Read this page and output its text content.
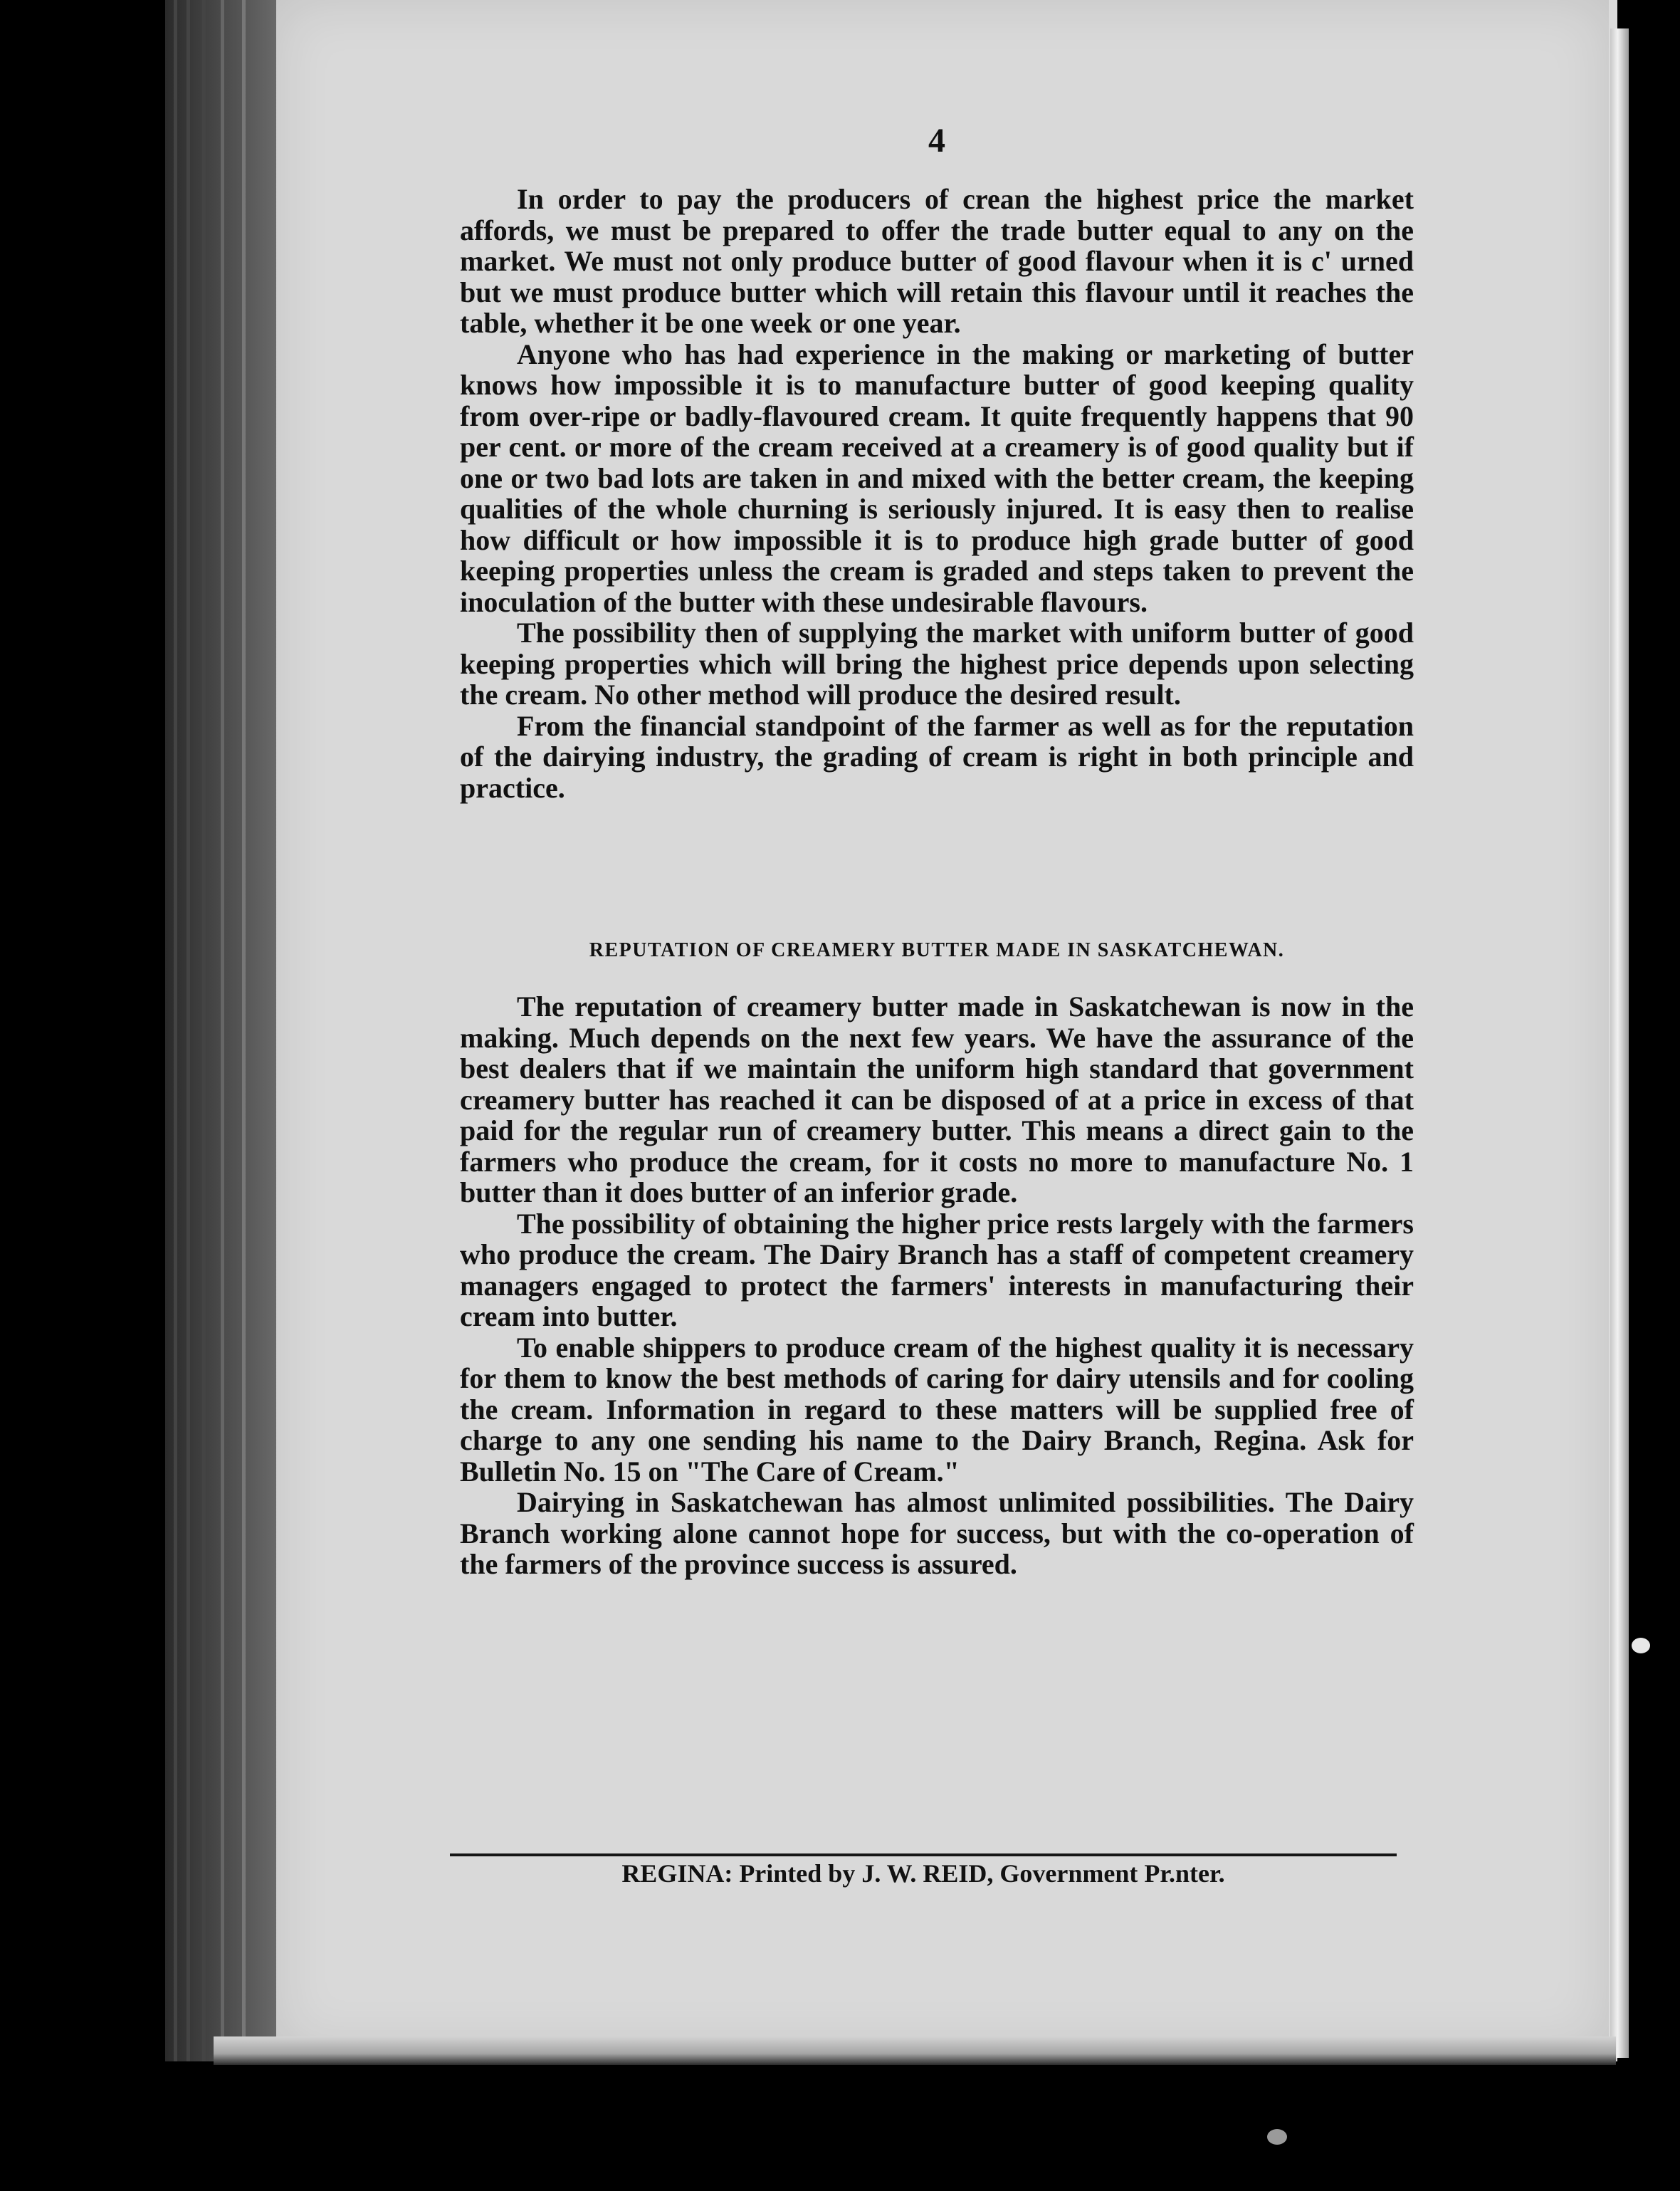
4

In order to pay the producers of crean the highest price the market affords, we must be prepared to offer the trade butter equal to any on the market. We must not only produce butter of good flavour when it is c' urned but we must produce butter which will retain this flavour until it reaches the table, whether it be one week or one year.

Anyone who has had experience in the making or marketing of butter knows how impossible it is to manufacture butter of good keeping quality from over-ripe or badly-flavoured cream. It quite frequently happens that 90 per cent. or more of the cream received at a creamery is of good quality but if one or two bad lots are taken in and mixed with the better cream, the keeping qualities of the whole churning is seriously injured. It is easy then to realise how difficult or how impossible it is to produce high grade butter of good keeping properties unless the cream is graded and steps taken to prevent the inoculation of the butter with these undesirable flavours.

The possibility then of supplying the market with uniform butter of good keeping properties which will bring the highest price depends upon selecting the cream. No other method will produce the desired result.

From the financial standpoint of the farmer as well as for the reputation of the dairying industry, the grading of cream is right in both principle and practice.

REPUTATION OF CREAMERY BUTTER MADE IN SASKATCHEWAN.

The reputation of creamery butter made in Saskatchewan is now in the making. Much depends on the next few years. We have the assurance of the best dealers that if we maintain the uniform high standard that government creamery butter has reached it can be disposed of at a price in excess of that paid for the regular run of creamery butter. This means a direct gain to the farmers who produce the cream, for it costs no more to manufacture No. 1 butter than it does butter of an inferior grade.

The possibility of obtaining the higher price rests largely with the farmers who produce the cream. The Dairy Branch has a staff of competent creamery managers engaged to protect the farmers' interests in manufacturing their cream into butter.

To enable shippers to produce cream of the highest quality it is necessary for them to know the best methods of caring for dairy utensils and for cooling the cream. Information in regard to these matters will be supplied free of charge to any one sending his name to the Dairy Branch, Regina. Ask for Bulletin No. 15 on "The Care of Cream."

Dairying in Saskatchewan has almost unlimited possibilities. The Dairy Branch working alone cannot hope for success, but with the co-operation of the farmers of the province success is assured.

REGINA: Printed by J. W. REID, Government Pr.nter.
